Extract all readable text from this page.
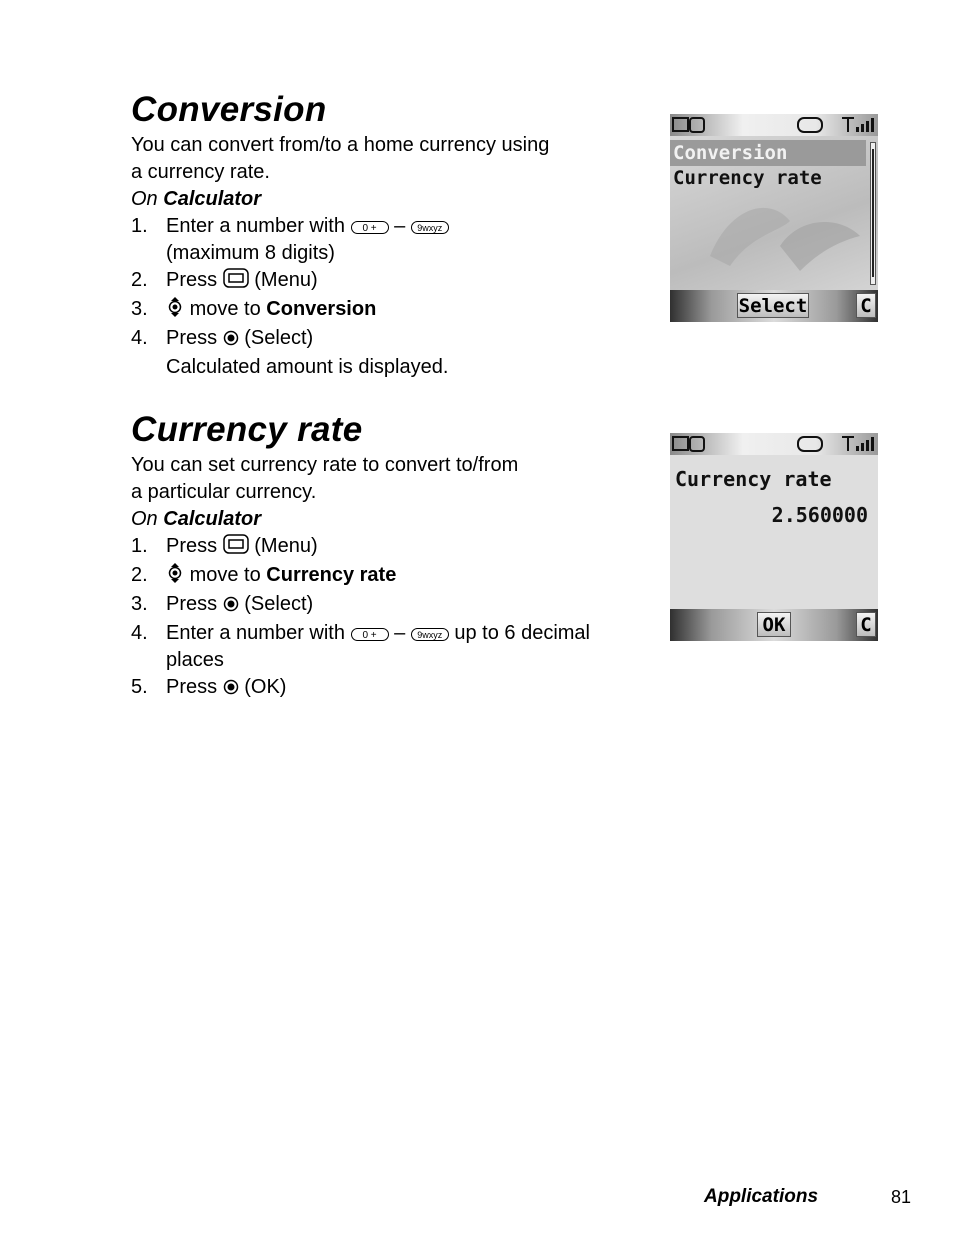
Conversion
You can convert from/to a home currency using
a currency rate.
On Calculator
1. Enter a number with 0 + – 9wxyz
(maximum 8 digits)
2. Press (Menu)
3. move to Conversion
4. Press (Select)
Calculated amount is displayed.
Currency rate
You can set currency rate to convert to/from
a particular currency.
On Calculator
1. Press (Menu)
2. move to Currency rate
3. Press (Select)
4. Enter a number with 0 + – 9wxyz up to 6 decimal
places
5. Press (OK)
Conversion
Currency rate
Select	C
Currency rate
2.560000
OK	C
Applications	81
